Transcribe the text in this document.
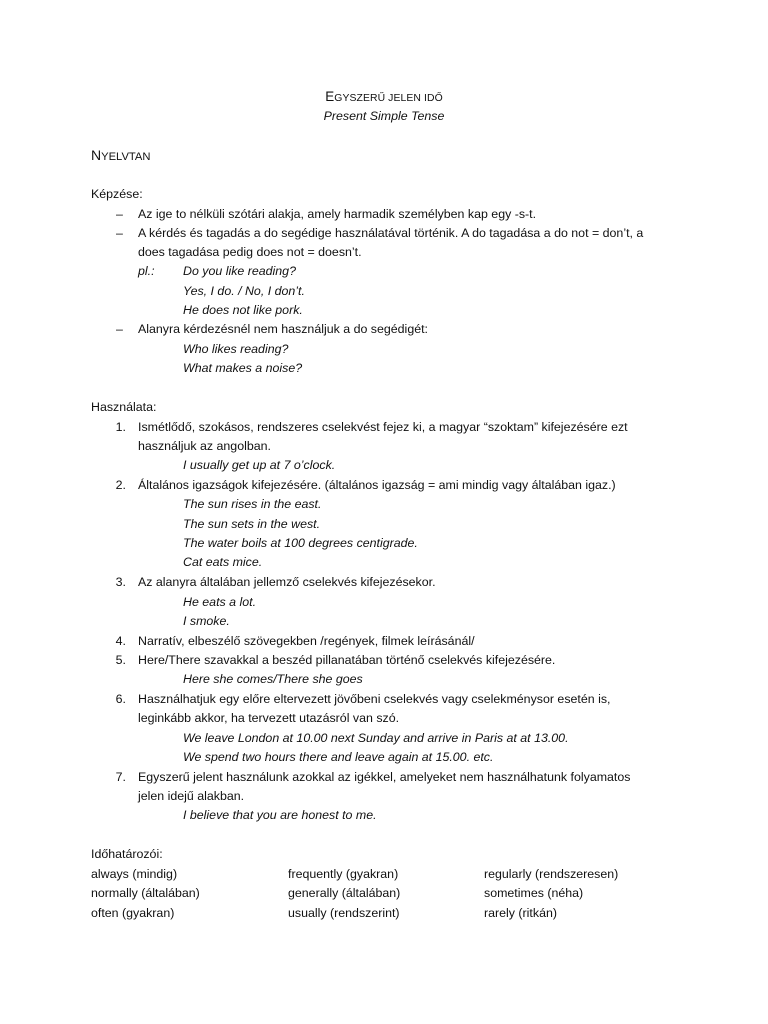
EGYSZERŰ JELEN IDŐ
Present Simple Tense
NYELVTAN
Képzése:
– Az ige to nélküli szótári alakja, amely harmadik személyben kap egy -s-t.
– A kérdés és tagadás a do segédige használatával történik. A do tagadása a do not = don’t, a
does tagadása pedig does not = doesn’t.
pl.: Do you like reading?
Yes, I do. / No, I don’t.
He does not like pork.
– Alanyra kérdezésnél nem használjuk a do segédigét:
Who likes reading?
What makes a noise?
Használata:
1. Ismétlődő, szokásos, rendszeres cselekvést fejez ki, a magyar “szoktam” kifejezésére ezt
használjuk az angolban.
I usually get up at 7 o’clock.
2. Általános igazságok kifejezésére. (általános igazság = ami mindig vagy általában igaz.)
The sun rises in the east.
The sun sets in the west.
The water boils at 100 degrees centigrade.
Cat eats mice.
3. Az alanyra általában jellemző cselekvés kifejezésekor.
He eats a lot.
I smoke.
4. Narratív, elbeszélő szövegekben /regények, filmek leírásánál/
5. Here/There szavakkal a beszéd pillanatában történő cselekvés kifejezésére.
Here she comes/There she goes
6. Használhatjuk egy előre eltervezett jövőbeni cselekvés vagy cselekménysor esetén is,
leginkább akkor, ha tervezett utazásról van szó.
We leave London at 10.00 next Sunday and arrive in Paris at at 13.00.
We spend two hours there and leave again at 15.00. etc.
7. Egyszerű jelent használunk azokkal az igékkel, amelyeket nem használhatunk folyamatos
jelen idejű alakban.
I believe that you are honest to me.
Időhatározói:
always (mindig)	frequently (gyakran)	regularly (rendszeresen)
normally (általában)	generally (általában)	sometimes (néha)
often (gyakran)	usually (rendszerint)	rarely (ritkán)
